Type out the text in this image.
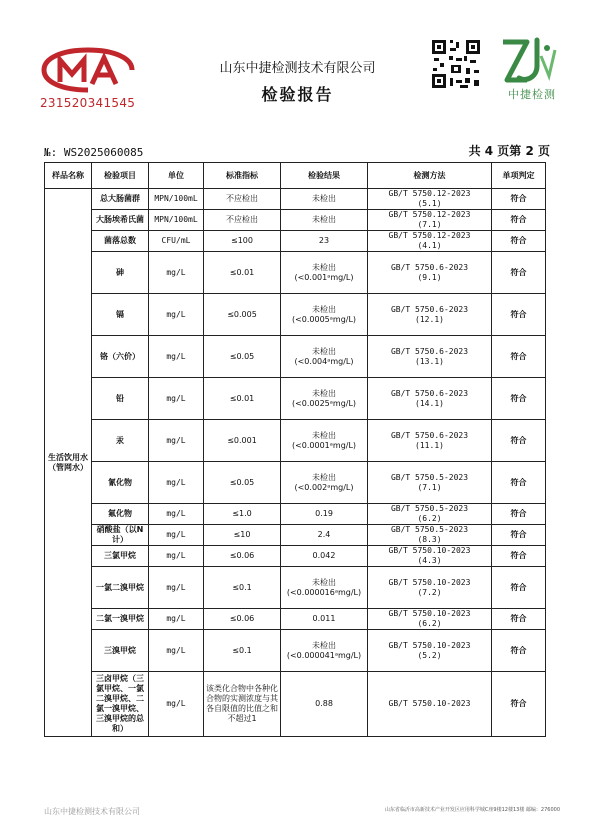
231520341545
山东中捷检测技术有限公司
检验报告	中捷检测
№: WS2025060085	共 4 页第 2 页
样品名称	检验项目	单位	标准指标	检验结果	检测方法	单项判定
生活饮用水（管网水）	总大肠菌群	MPN/100mL	不应检出	未检出	GB/T 5750.12-2023
(5.1)	符合

	大肠埃希氏菌	MPN/100mL	不应检出	未检出	GB/T 5750.12-2023
(7.1)	符合

	菌落总数	CFU/mL	≤100	23	GB/T 5750.12-2023
(4.1)	符合

	砷	mg/L	≤0.01	未检出
(<0.001ᵃmg/L)	GB/T 5750.6-2023
(9.1)	符合

	镉	mg/L	≤0.005	未检出
(<0.0005ᵃmg/L)	GB/T 5750.6-2023
(12.1)	符合

	铬（六价）	mg/L	≤0.05	未检出
(<0.004ᵃmg/L)	GB/T 5750.6-2023
(13.1)	符合

	铅	mg/L	≤0.01	未检出
(<0.0025ᵃmg/L)	GB/T 5750.6-2023
(14.1)	符合

	汞	mg/L	≤0.001	未检出
(<0.0001ᵃmg/L)	GB/T 5750.6-2023
(11.1)	符合

	氰化物	mg/L	≤0.05	未检出
(<0.002ᵃmg/L)	GB/T 5750.5-2023
(7.1)	符合

	氟化物	mg/L	≤1.0	0.19	GB/T 5750.5-2023
(6.2)	符合

	硝酸盐（以N计）	mg/L	≤10	2.4	GB/T 5750.5-2023
(8.3)	符合

	三氯甲烷	mg/L	≤0.06	0.042	GB/T 5750.10-2023
(4.3)	符合

	一氯二溴甲烷	mg/L	≤0.1	未检出
(<0.000016ᵃmg/L)	GB/T 5750.10-2023
(7.2)	符合

	二氯一溴甲烷	mg/L	≤0.06	0.011	GB/T 5750.10-2023
(6.2)	符合

	三溴甲烷	mg/L	≤0.1	未检出
(<0.000041ᵃmg/L)	GB/T 5750.10-2023
(5.2)	符合

	三卤甲烷（三氯甲烷、一氯二溴甲烷、二氯一溴甲烷、三溴甲烷的总和）	mg/L	该类化合物中各种化合物的实测浓度与其各自限值的比值之和不超过1	0.88	GB/T 5750.10-2023	符合
山东中捷检测技术有限公司	山东省临沂市高新技术产业开发区应用科学城C座9楼12楼13楼 邮编：276000
